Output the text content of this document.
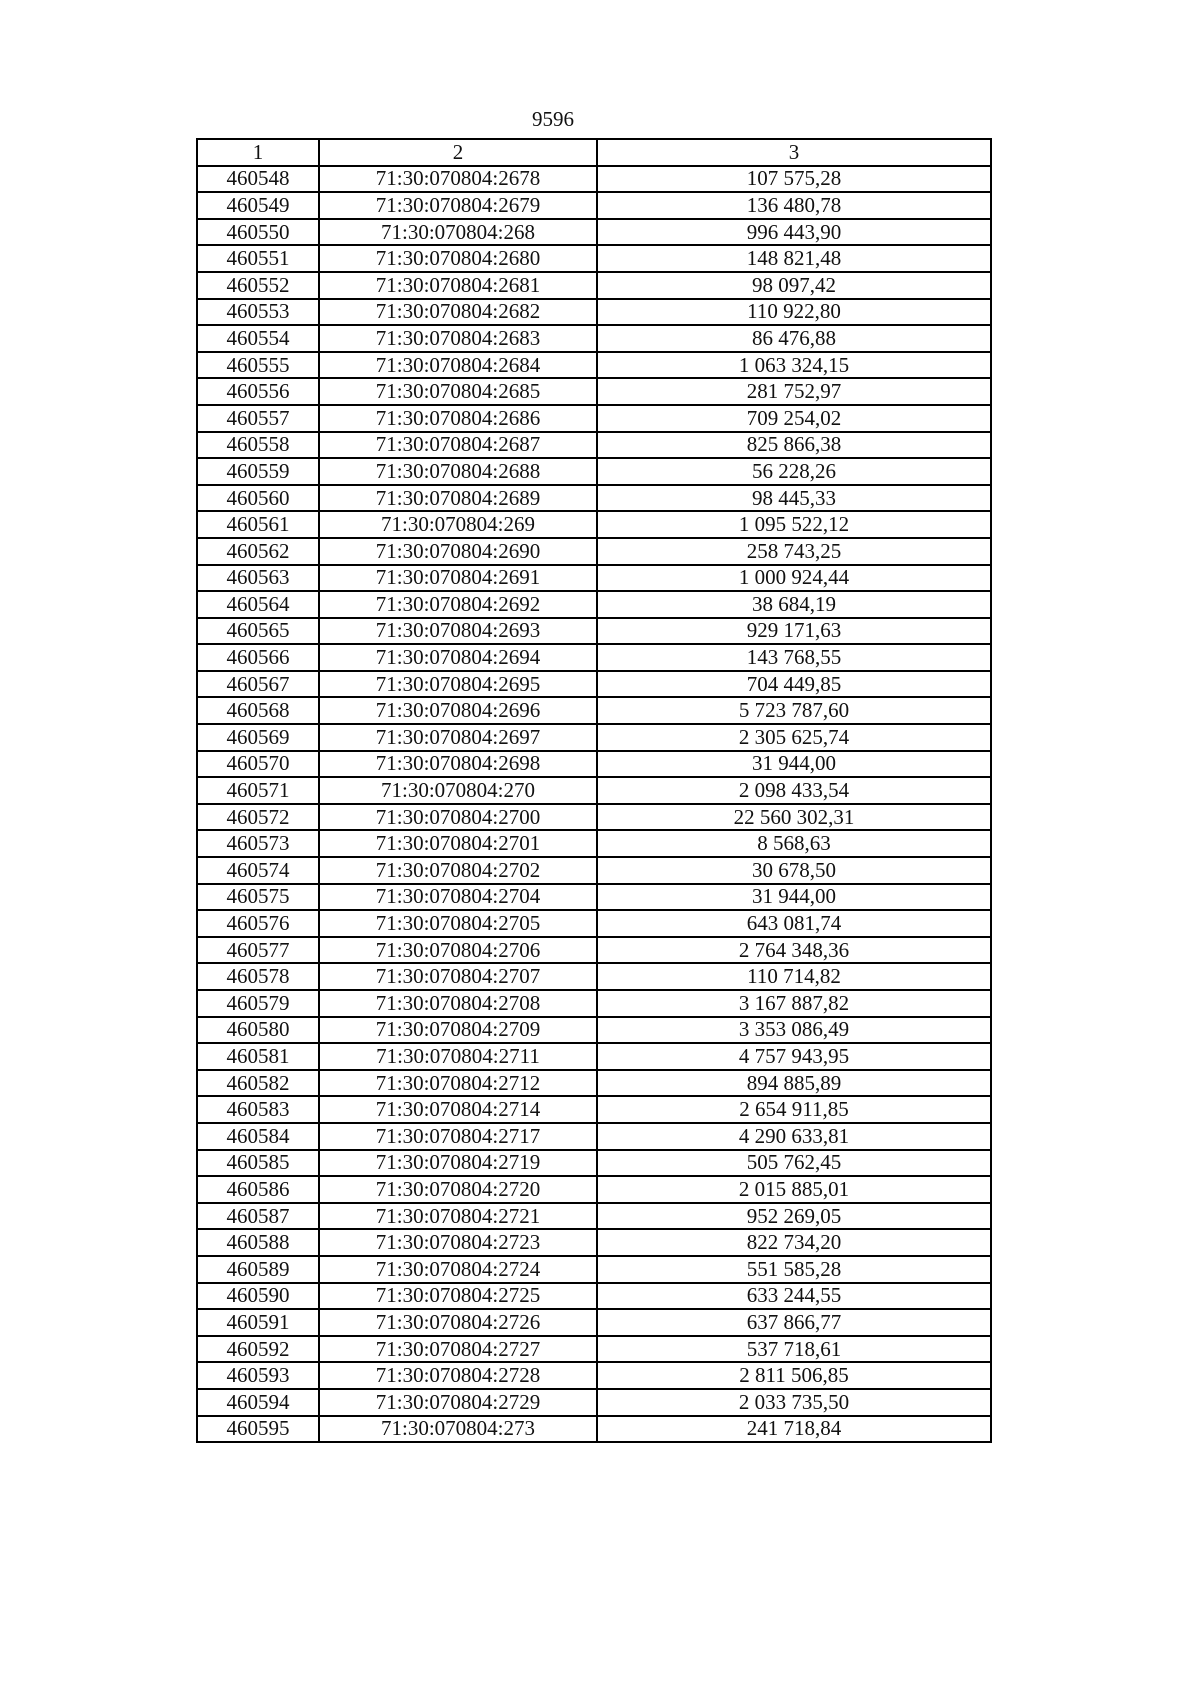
9596
1	2	3
460548	71:30:070804:2678	107 575,28
460549	71:30:070804:2679	136 480,78
460550	71:30:070804:268	996 443,90
460551	71:30:070804:2680	148 821,48
460552	71:30:070804:2681	98 097,42
460553	71:30:070804:2682	110 922,80
460554	71:30:070804:2683	86 476,88
460555	71:30:070804:2684	1 063 324,15
460556	71:30:070804:2685	281 752,97
460557	71:30:070804:2686	709 254,02
460558	71:30:070804:2687	825 866,38
460559	71:30:070804:2688	56 228,26
460560	71:30:070804:2689	98 445,33
460561	71:30:070804:269	1 095 522,12
460562	71:30:070804:2690	258 743,25
460563	71:30:070804:2691	1 000 924,44
460564	71:30:070804:2692	38 684,19
460565	71:30:070804:2693	929 171,63
460566	71:30:070804:2694	143 768,55
460567	71:30:070804:2695	704 449,85
460568	71:30:070804:2696	5 723 787,60
460569	71:30:070804:2697	2 305 625,74
460570	71:30:070804:2698	31 944,00
460571	71:30:070804:270	2 098 433,54
460572	71:30:070804:2700	22 560 302,31
460573	71:30:070804:2701	8 568,63
460574	71:30:070804:2702	30 678,50
460575	71:30:070804:2704	31 944,00
460576	71:30:070804:2705	643 081,74
460577	71:30:070804:2706	2 764 348,36
460578	71:30:070804:2707	110 714,82
460579	71:30:070804:2708	3 167 887,82
460580	71:30:070804:2709	3 353 086,49
460581	71:30:070804:2711	4 757 943,95
460582	71:30:070804:2712	894 885,89
460583	71:30:070804:2714	2 654 911,85
460584	71:30:070804:2717	4 290 633,81
460585	71:30:070804:2719	505 762,45
460586	71:30:070804:2720	2 015 885,01
460587	71:30:070804:2721	952 269,05
460588	71:30:070804:2723	822 734,20
460589	71:30:070804:2724	551 585,28
460590	71:30:070804:2725	633 244,55
460591	71:30:070804:2726	637 866,77
460592	71:30:070804:2727	537 718,61
460593	71:30:070804:2728	2 811 506,85
460594	71:30:070804:2729	2 033 735,50
460595	71:30:070804:273	241 718,84
